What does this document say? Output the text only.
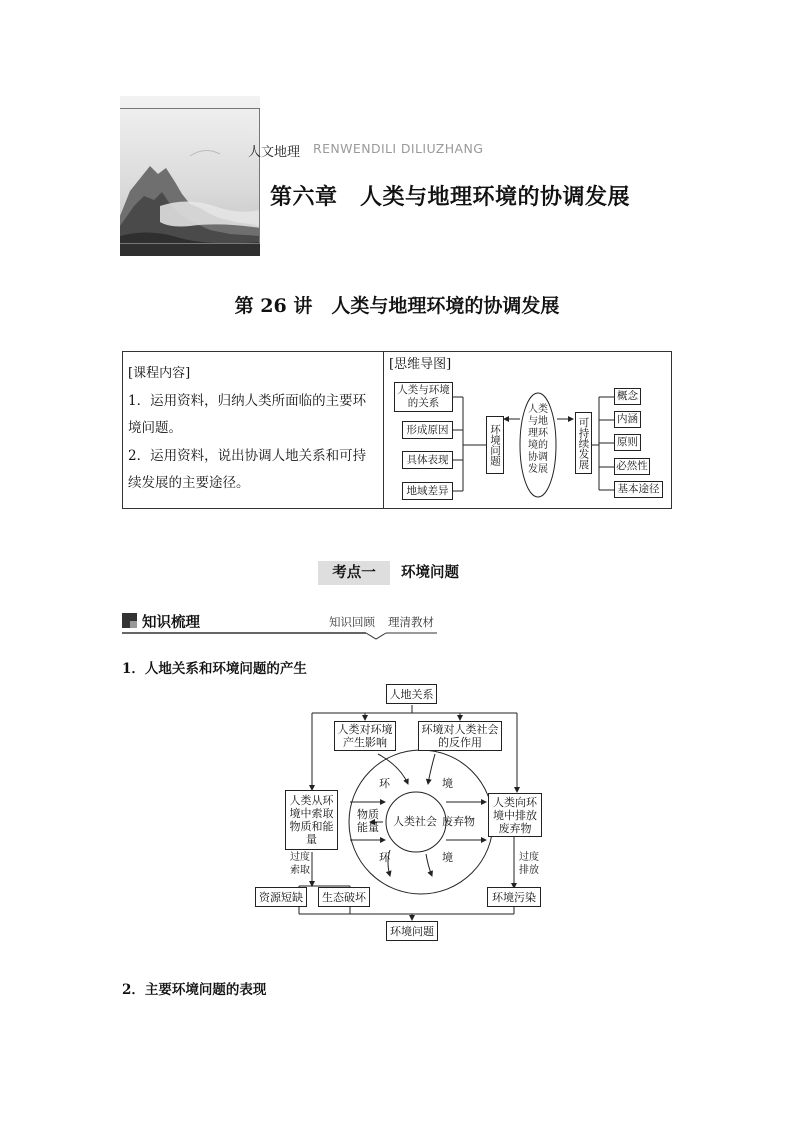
人文地理 RENWENDILI DILIUZHANG
第六章　人类与地理环境的协调发展
第 26 讲　人类与地理环境的协调发展
[课程内容]
1．运用资料，归纳人类所面临的主要环境问题。
2．运用资料，说出协调人地关系和可持续发展的主要途径。
[思维导图]
人类与环境的关系
形成原因
具体表现
地域差异
环境问题
人类与地理环境的协调发展
可持续发展
概念
内涵
原则
必然性
基本途径
考点一	环境问题
知识梳理	知识回顾 理清教材
1．人地关系和环境问题的产生
人地关系
人类对环境产生影响
环境对人类社会的反作用
人类从环境中索取物质和能量
人类向环境中排放废弃物
环	境
环	境
物质能量 人类社会 废弃物
过度索取
过度排放
资源短缺	生态破坏	环境污染
环境问题
2．主要环境问题的表现
